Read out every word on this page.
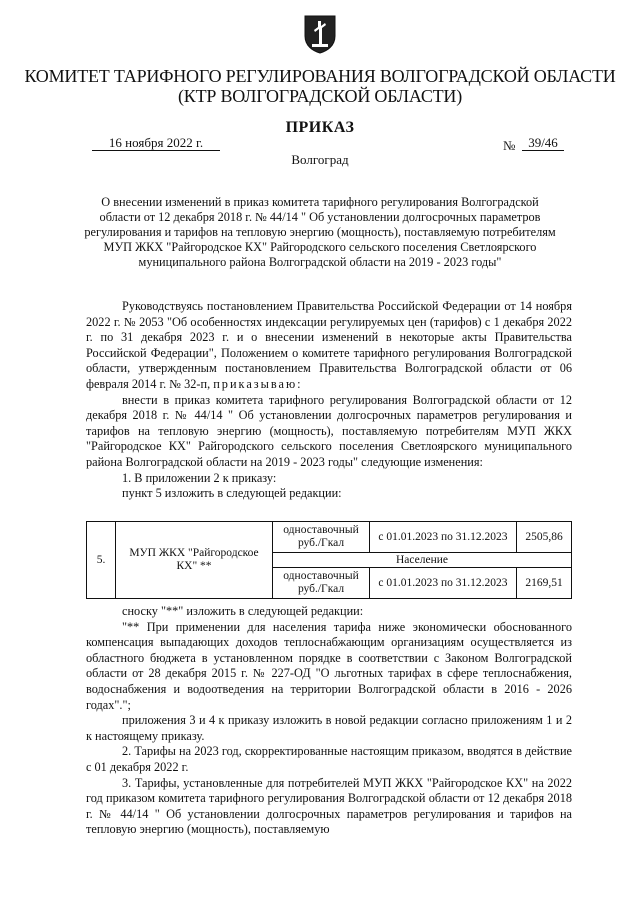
КОМИТЕТ ТАРИФНОГО РЕГУЛИРОВАНИЯ ВОЛГОГРАДСКОЙ ОБЛАСТИ
(КТР ВОЛГОГРАДСКОЙ ОБЛАСТИ)
ПРИКАЗ
16 ноября 2022 г.	№ 39/46
Волгоград
О внесении изменений в приказ комитета тарифного регулирования Волгоградской области от 12 декабря 2018 г. № 44/14 " Об установлении долгосрочных параметров регулирования и тарифов на тепловую энергию (мощность), поставляемую потребителям МУП ЖКХ "Райгородское КХ" Райгородского сельского поселения Светлоярского муниципального района Волгоградской области на 2019 - 2023 годы"

Руководствуясь постановлением Правительства Российской Федерации от 14 ноября 2022 г. № 2053 "Об особенностях индексации регулируемых цен (тарифов) с 1 декабря 2022 г. по 31 декабря 2023 г. и о внесении изменений в некоторые акты Правительства Российской Федерации", Положением о комитете тарифного регулирования Волгоградской области, утвержденным постановлением Правительства Волгоградской области от 06 февраля 2014 г. № 32-п, приказываю:

внести в приказ комитета тарифного регулирования Волгоградской области от 12 декабря 2018 г. № 44/14 " Об установлении долгосрочных параметров регулирования и тарифов на тепловую энергию (мощность), поставляемую потребителям МУП ЖКХ "Райгородское КХ" Райгородского сельского поселения Светлоярского муниципального района Волгоградской области на 2019 - 2023 годы" следующие изменения:

1. В приложении 2 к приказу:

пункт 5 изложить в следующей редакции:

5.	МУП ЖКХ "Райгородское КХ" **	одноставочный руб./Гкал	с 01.01.2023 по 31.12.2023	2505,86
		Население		
		одноставочный руб./Гкал	с 01.01.2023 по 31.12.2023	2169,51

сноску "**" изложить в следующей редакции:

"** При применении для населения тарифа ниже экономически обоснованного компенсация выпадающих доходов теплоснабжающим организациям осуществляется из областного бюджета в установленном порядке в соответствии с Законом Волгоградской области от 28 декабря 2015 г. № 227-ОД "О льготных тарифах в сфере теплоснабжения, водоснабжения и водоотведения на территории Волгоградской области в 2016 - 2026 годах".";

приложения 3 и 4 к приказу изложить в новой редакции согласно приложениям 1 и 2 к настоящему приказу.

2. Тарифы на 2023 год, скорректированные настоящим приказом, вводятся в действие с 01 декабря 2022 г.

3. Тарифы, установленные для потребителей МУП ЖКХ "Райгородское КХ" на 2022 год приказом комитета тарифного регулирования Волгоградской области от 12 декабря 2018 г. № 44/14 " Об установлении долгосрочных параметров регулирования и тарифов на тепловую энергию (мощность), поставляемую
